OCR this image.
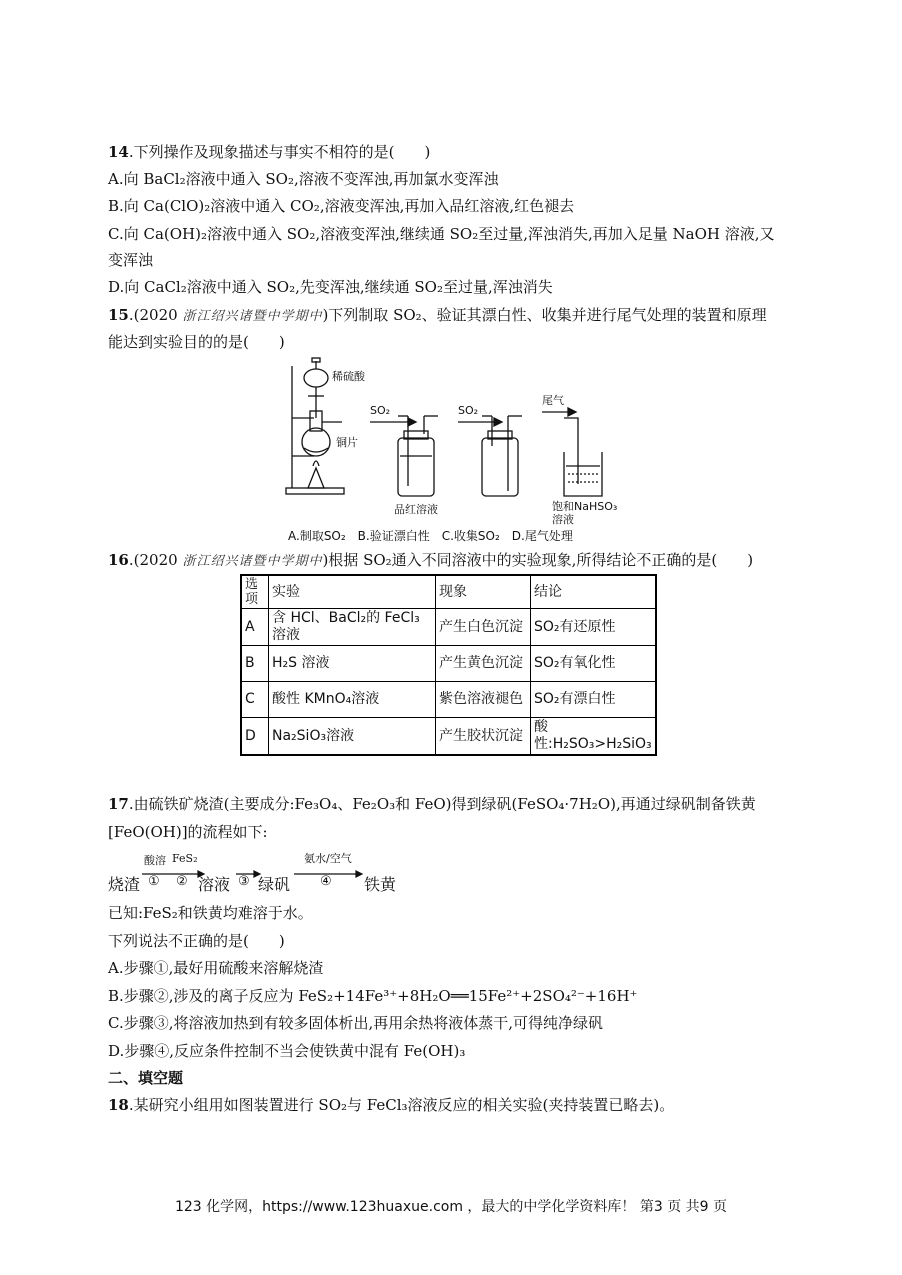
14.下列操作及现象描述与事实不相符的是(　　)
A.向 BaCl₂溶液中通入 SO₂,溶液不变浑浊,再加氯水变浑浊
B.向 Ca(ClO)₂溶液中通入 CO₂,溶液变浑浊,再加入品红溶液,红色褪去
C.向 Ca(OH)₂溶液中通入 SO₂,溶液变浑浊,继续通 SO₂至过量,浑浊消失,再加入足量 NaOH 溶液,又
变浑浊
D.向 CaCl₂溶液中通入 SO₂,先变浑浊,继续通 SO₂至过量,浑浊消失
15.(2020 浙江绍兴诸暨中学期中)下列制取 SO₂、验证其漂白性、收集并进行尾气处理的装置和原理
能达到实验目的的是(　　)
稀硫酸
铜片
SO₂	SO₂
尾气
品红溶液	饱和NaHSO₃
溶液
A.制取SO₂　B.验证漂白性　C.收集SO₂　D.尾气处理
16.(2020 浙江绍兴诸暨中学期中)根据 SO₂通入不同溶液中的实验现象,所得结论不正确的是(　　)
选项	实验	现象	结论
A	含 HCl、BaCl₂的 FeCl₃溶液	产生白色沉淀	SO₂有还原性
B	H₂S 溶液	产生黄色沉淀	SO₂有氧化性
C	酸性 KMnO₄溶液	紫色溶液褪色	SO₂有漂白性
D	Na₂SiO₃溶液	产生胶状沉淀	酸性:H₂SO₃>H₂SiO₃
17.由硫铁矿烧渣(主要成分:Fe₃O₄、Fe₂O₃和 FeO)得到绿矾(FeSO₄·7H₂O),再通过绿矾制备铁黄
[FeO(OH)]的流程如下:
酸溶 FeS₂	氨水/空气
烧渣 ① ② 溶液 ③ 绿矾 ④ 铁黄
已知:FeS₂和铁黄均难溶于水。
下列说法不正确的是(　　)
A.步骤①,最好用硫酸来溶解烧渣
B.步骤②,涉及的离子反应为 FeS₂+14Fe³⁺+8H₂O══15Fe²⁺+2SO₄²⁻+16H⁺
C.步骤③,将溶液加热到有较多固体析出,再用余热将液体蒸干,可得纯净绿矾
D.步骤④,反应条件控制不当会使铁黄中混有 Fe(OH)₃
二、填空题
18.某研究小组用如图装置进行 SO₂与 FeCl₃溶液反应的相关实验(夹持装置已略去)。
123 化学网，https://www.123huaxue.com ，最大的中学化学资料库！ 第3 页 共9 页
